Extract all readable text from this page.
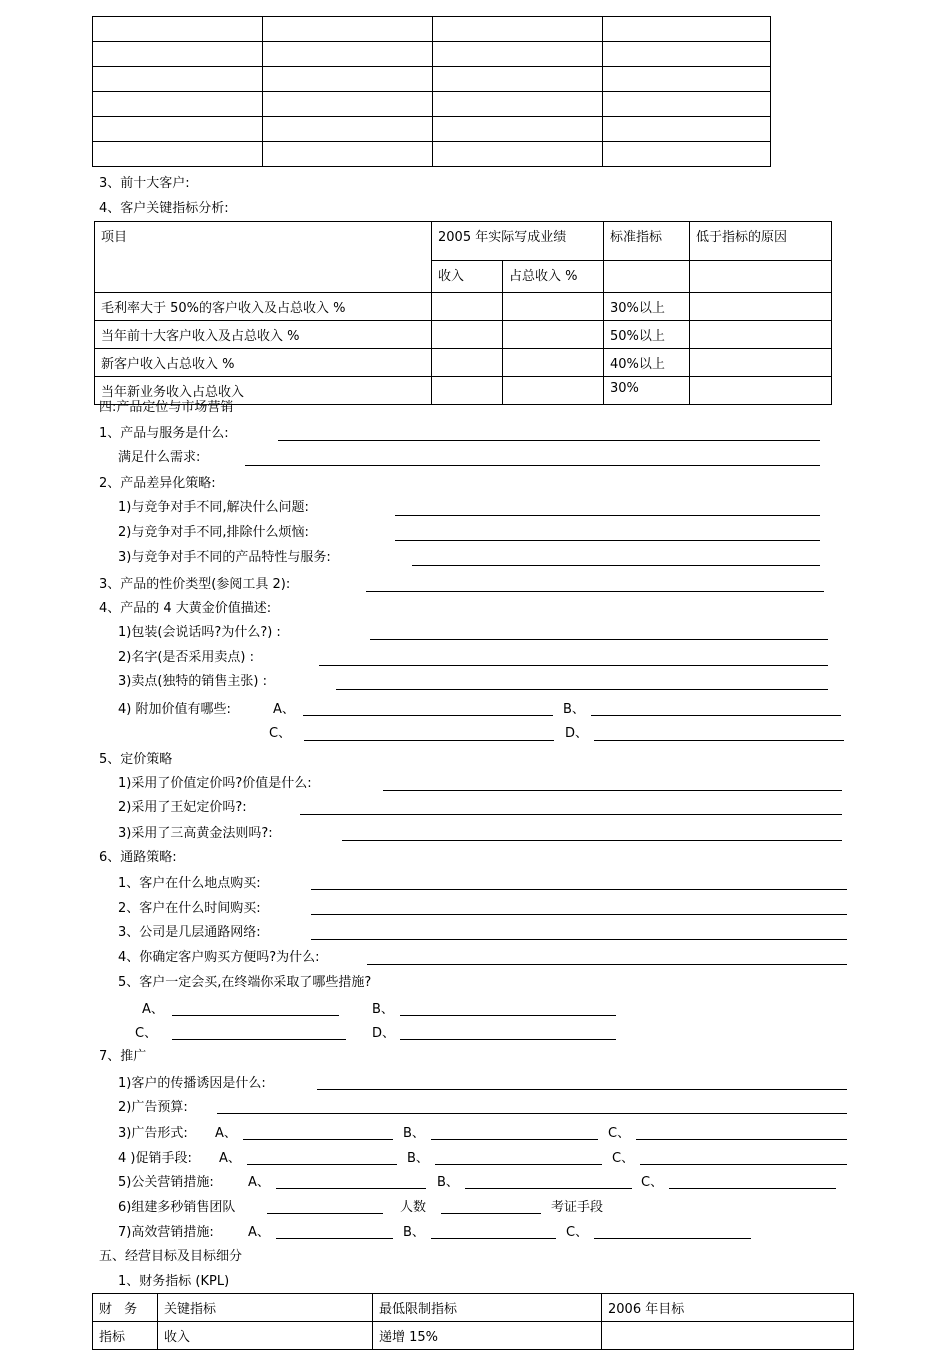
3、前十大客户:
4、客户关键指标分析:
项目	2005 年实际写成业绩		标准指标	低于指标的原因

	收入	占总收入 %		

毛利率大于 50%的客户收入及占总收入 %			30%以上	

当年前十大客户收入及占总收入 %			50%以上	

新客户收入占总收入 %			40%以上	

当年新业务收入占总收入			30%	

四:产品定位与市场营销
1、产品与服务是什么:
满足什么需求:
2、产品差异化策略:
1)与竞争对手不同,解决什么问题:
2)与竞争对手不同,排除什么烦恼:
3)与竞争对手不同的产品特性与服务:
3、产品的性价类型(参阅工具 2):
4、产品的 4 大黄金价值描述:
1)包装(会说话吗?为什么?) :
2)名字(是否采用卖点) :
3)卖点(独特的销售主张) :
4) 附加价值有哪些:	A、	B、
C、	D、
5、定价策略
1)采用了价值定价吗?价值是什么:
2)采用了王妃定价吗?:
3)采用了三高黄金法则吗?:
6、通路策略:
1、客户在什么地点购买:
2、客户在什么时间购买:
3、公司是几层通路网络:
4、你确定客户购买方便吗?为什么:
5、客户一定会买,在终端你采取了哪些措施?
A、	B、
C、	D、
7、推广
1)客户的传播诱因是什么:
2)广告预算:
3)广告形式: A、	B、	C、
4 )促销手段: A、	B、	C、
5)公关营销措施:	A、	B、	C、
6)组建多秒销售团队	人数	考证手段
7)高效营销措施:	A、	B、	C、
五、经营目标及目标细分
1、财务指标 (KPL)
财 务	关键指标	最低限制指标	2006 年目标

指标	收入	递增 15%	
